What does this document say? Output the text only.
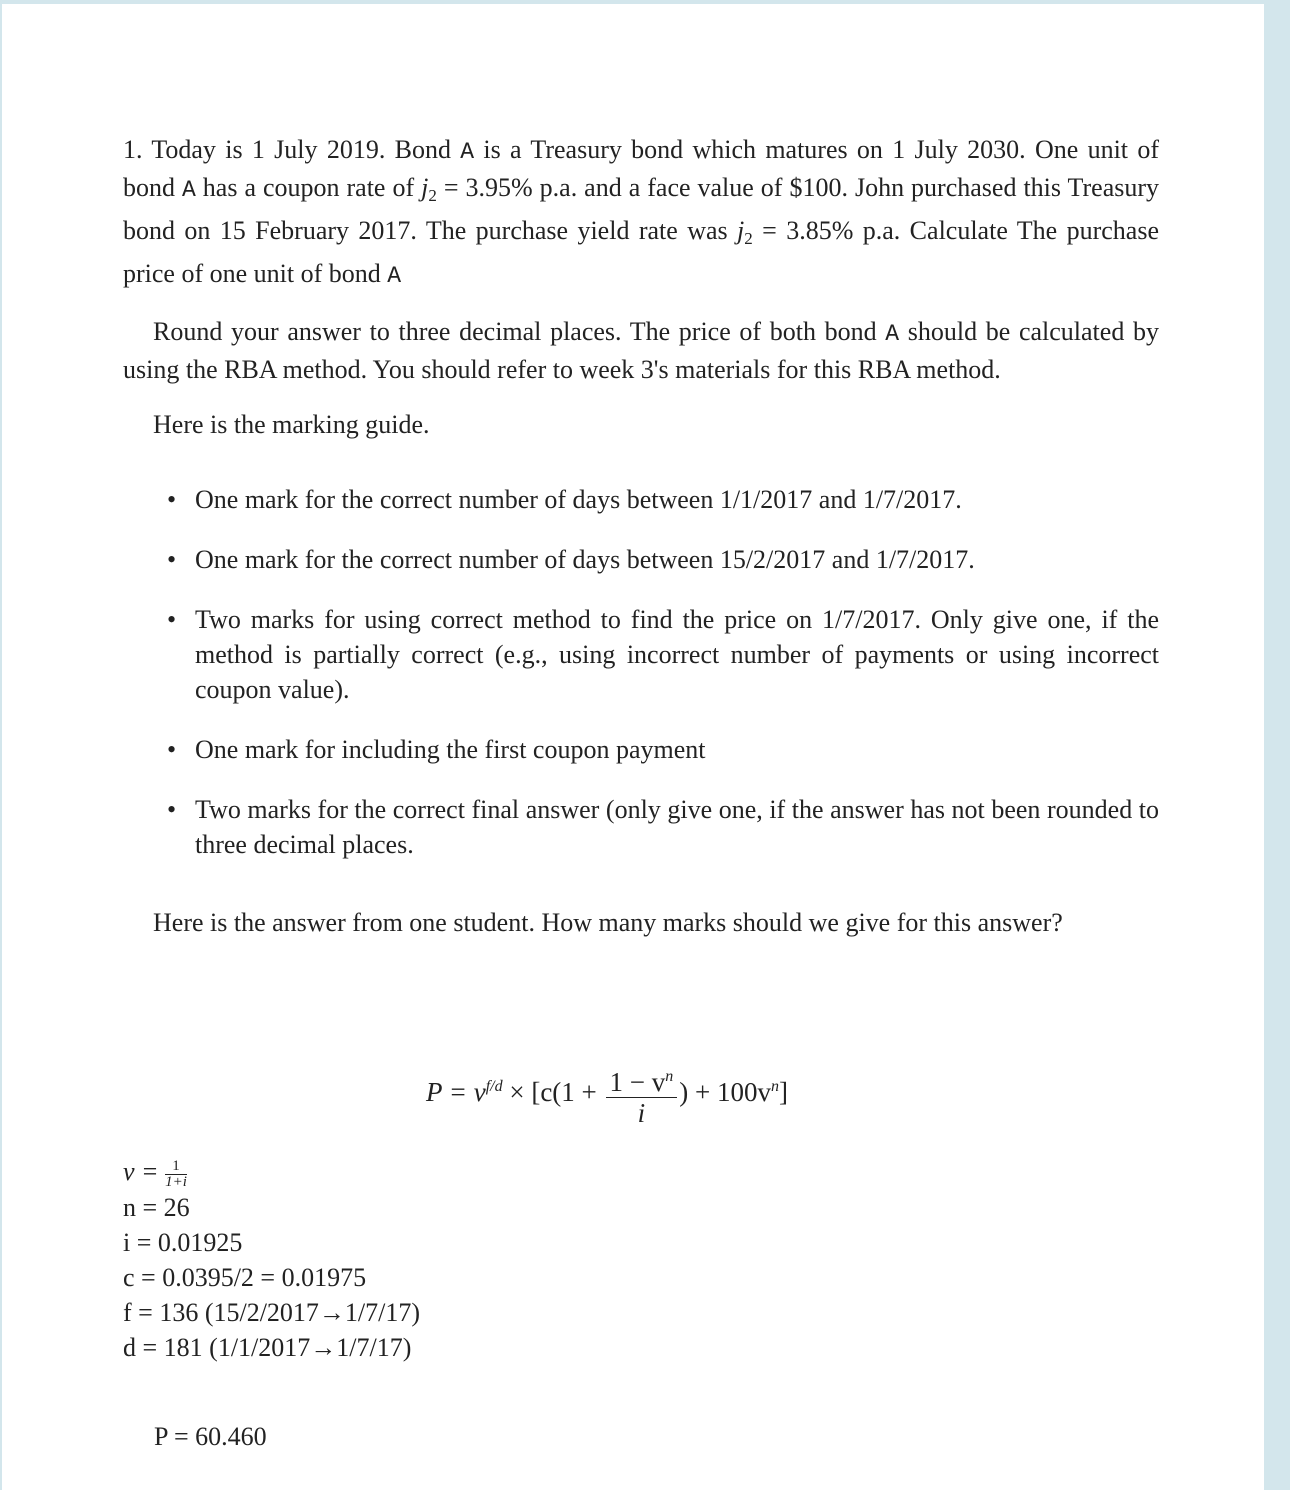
1. Today is 1 July 2019. Bond A is a Treasury bond which matures on 1 July 2030. One unit of bond A has a coupon rate of $j_2 = 3.95\%$ p.a. and a face value of $100. John purchased this Treasury bond on 15 February 2017. The purchase yield rate was $j_2 = 3.85\%$ p.a. Calculate The purchase price of one unit of bond A

Round your answer to three decimal places. The price of both bond A should be calculated by using the RBA method. You should refer to week 3's materials for this RBA method.

Here is the marking guide.

• One mark for the correct number of days between 1/1/2017 and 1/7/2017.
• One mark for the correct number of days between 15/2/2017 and 1/7/2017.
• Two marks for using correct method to find the price on 1/7/2017. Only give one, if the method is partially correct (e.g., using incorrect number of payments or using incorrect coupon value).
• One mark for including the first coupon payment
• Two marks for the correct final answer (only give one, if the answer has not been rounded to three decimal places.

Here is the answer from one student. How many marks should we give for this answer?

$P = v^{f/d} \times [c(1 + \frac{1 - v^n}{i}$ ) + $100v^n$]
$v = \frac{1}{1+i}$
n = 26
i = 0.01925
c = 0.0395/2 = 0.01975
f = 136 (15/2/2017→1/7/17)
d = 181 (1/1/2017→1/7/17)
P = 60.460
